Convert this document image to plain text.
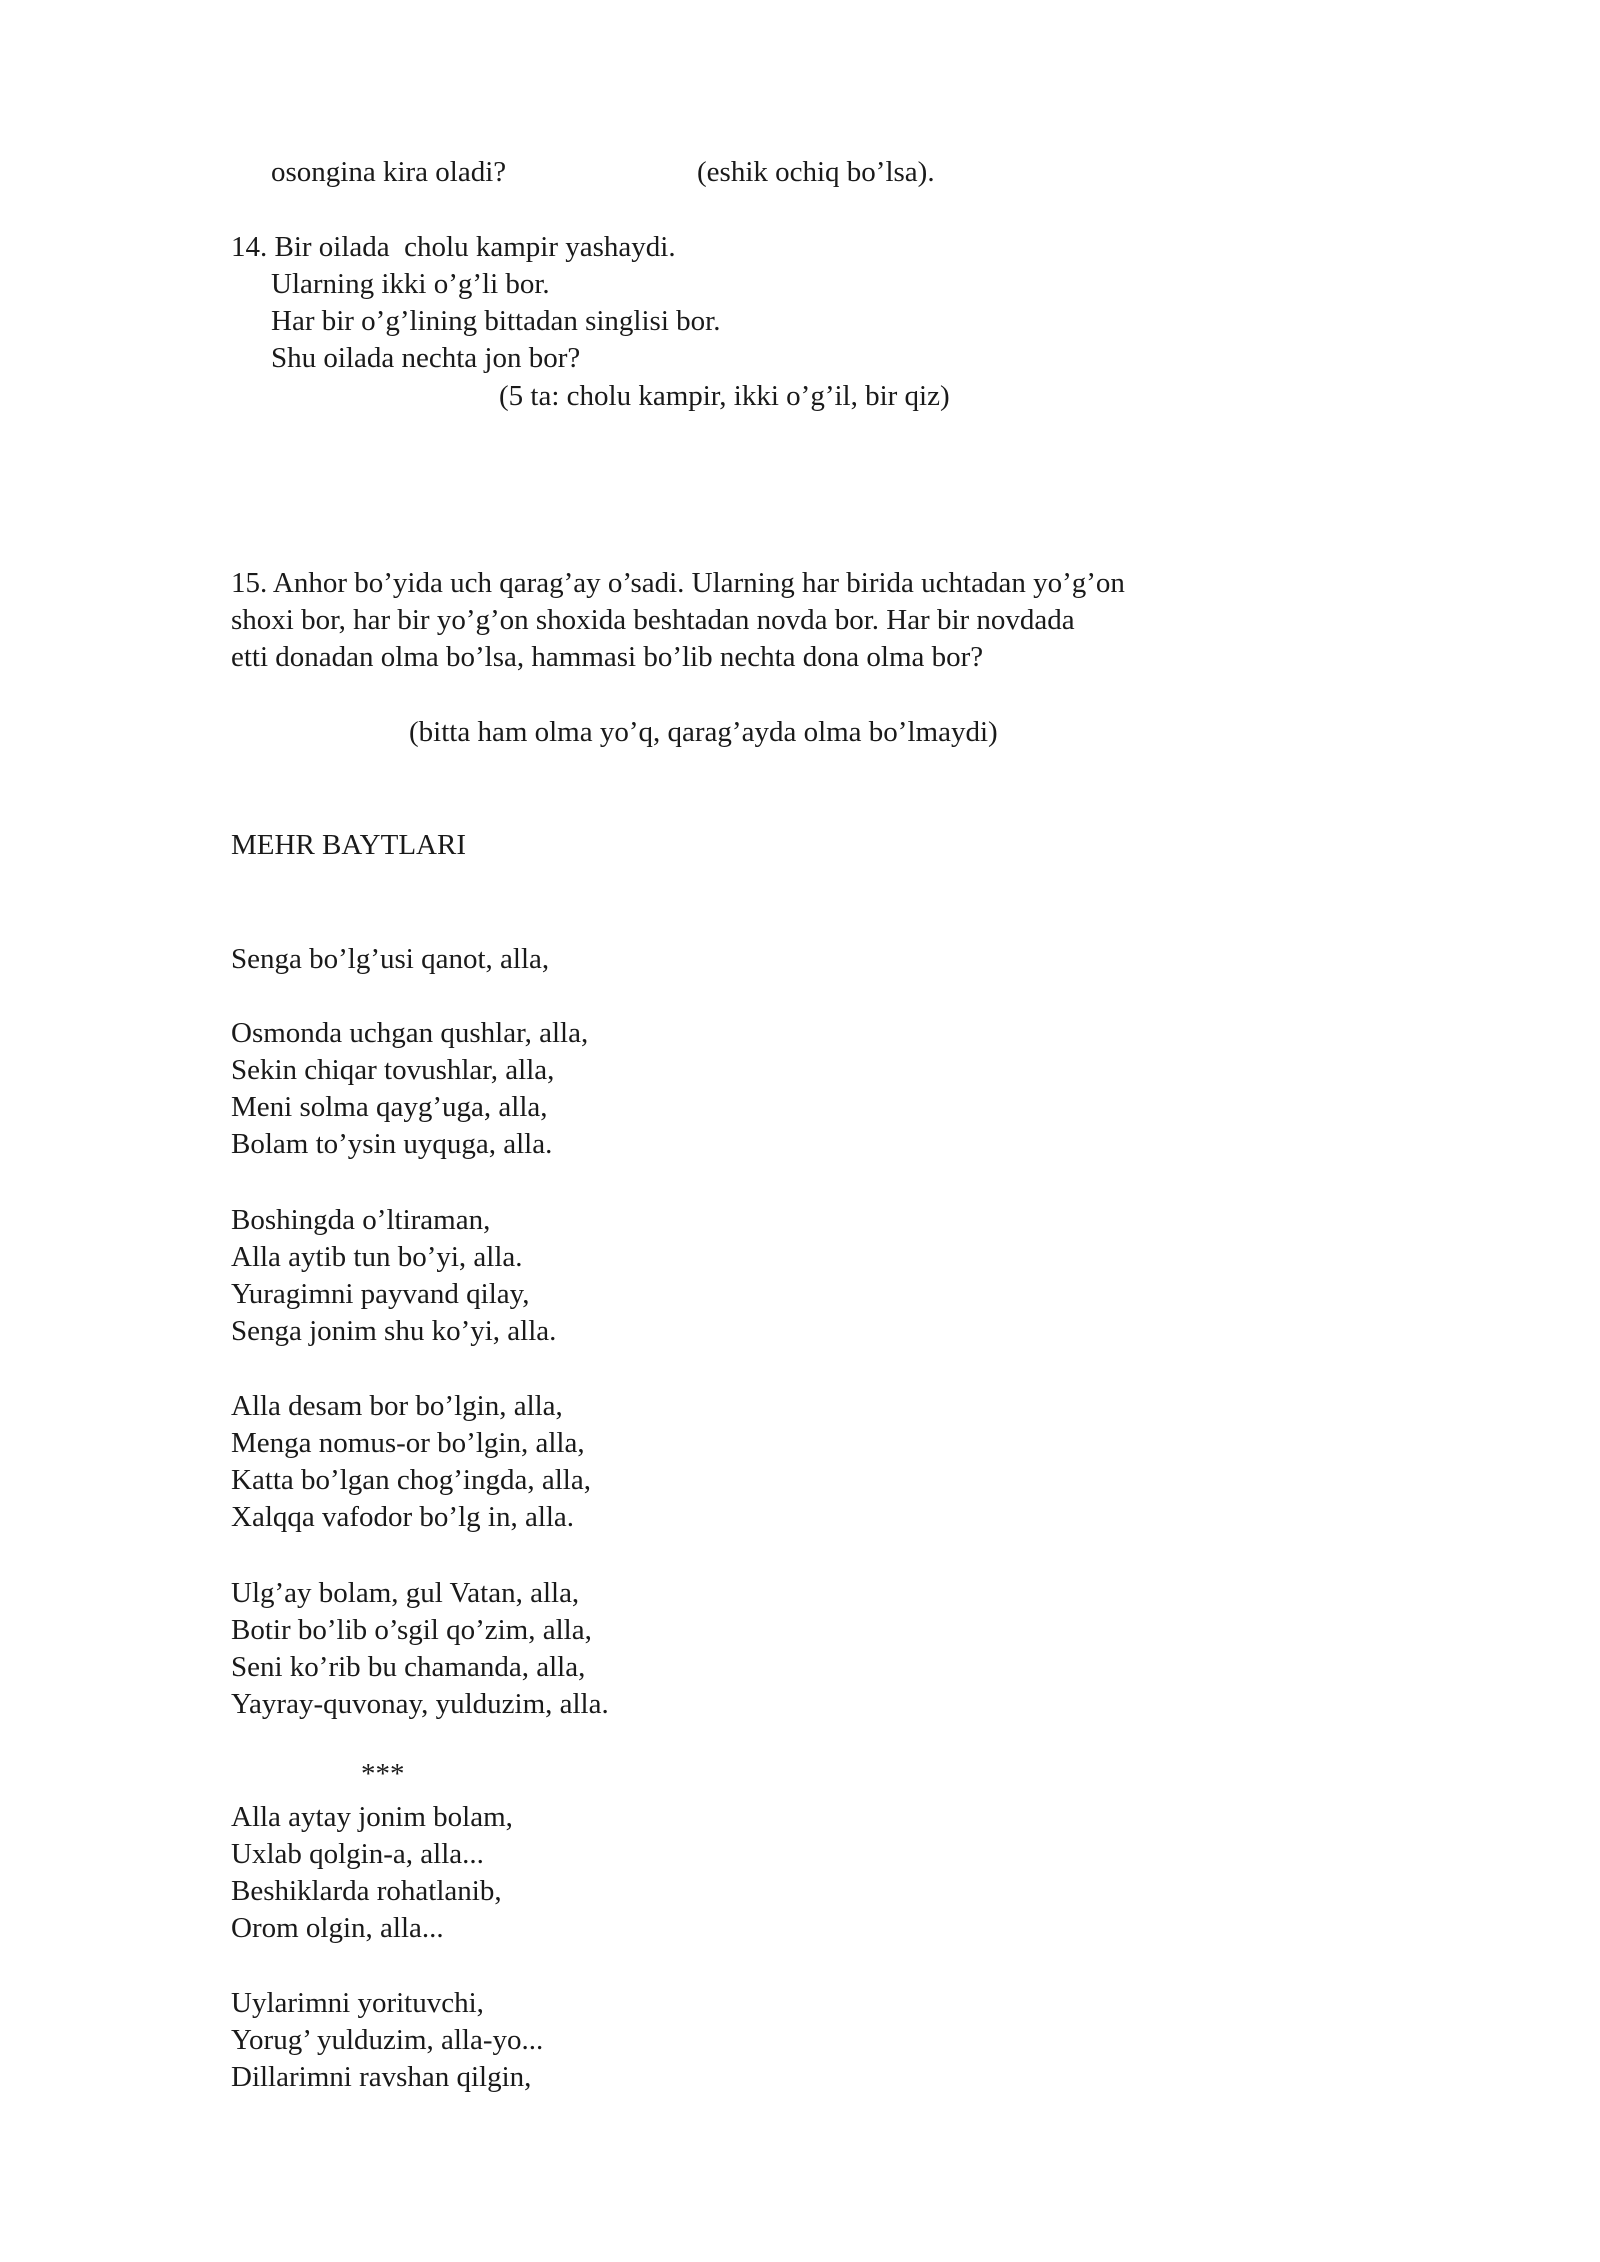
osongina kira oladi?	(eshik ochiq bo’lsa).
14. Bir oilada  cholu kampir yashaydi.
Ularning ikki o’g’li bor.
Har bir o’g’lining bittadan singlisi bor.
Shu oilada nechta jon bor?
(5 ta: cholu kampir, ikki o’g’il, bir qiz)
15. Anhor bo’yida uch qarag’ay o’sadi. Ularning har birida uchtadan yo’g’on
shoxi bor, har bir yo’g’on shoxida beshtadan novda bor. Har bir novdada
etti donadan olma bo’lsa, hammasi bo’lib nechta dona olma bor?
(bitta ham olma yo’q, qarag’ayda olma bo’lmaydi)
MEHR BAYTLARI
Senga bo’lg’usi qanot, alla,
Osmonda uchgan qushlar, alla,
Sekin chiqar tovushlar, alla,
Meni solma qayg’uga, alla,
Bolam to’ysin uyquga, alla.
Boshingda o’ltiraman,
Alla aytib tun bo’yi, alla.
Yuragimni payvand qilay,
Senga jonim shu ko’yi, alla.
Alla desam bor bo’lgin, alla,
Menga nomus-or bo’lgin, alla,
Katta bo’lgan chog’ingda, alla,
Xalqqa vafodor bo’lg in, alla.
Ulg’ay bolam, gul Vatan, alla,
Botir bo’lib o’sgil qo’zim, alla,
Seni ko’rib bu chamanda, alla,
Yayray-quvonay, yulduzim, alla.
***
Alla aytay jonim bolam,
Uxlab qolgin-a, alla...
Beshiklarda rohatlanib,
Orom olgin, alla...
Uylarimni yorituvchi,
Yorug’ yulduzim, alla-yo...
Dillarimni ravshan qilgin,
